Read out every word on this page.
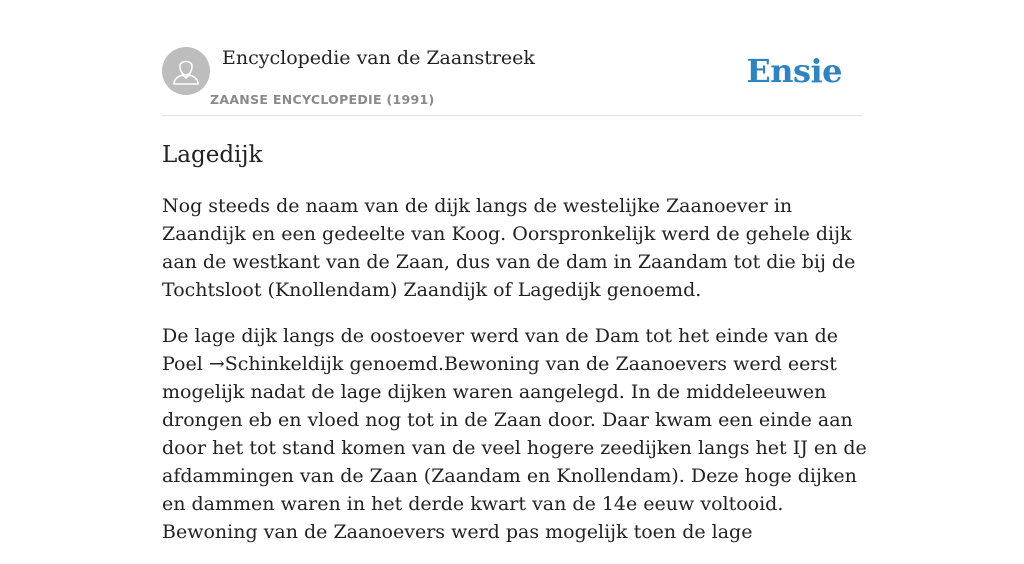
Encyclopedie van de Zaanstreek
ZAANSE ENCYCLOPEDIE (1991)
Ensie
Lagedijk

Nog steeds de naam van de dijk langs de westelijke Zaanoever in Zaandijk en een gedeelte van Koog. Oorspronkelijk werd de gehele dijk aan de westkant van de Zaan, dus van de dam in Zaandam tot die bij de Tochtsloot (Knollendam) Zaandijk of Lagedijk genoemd.

De lage dijk langs de oostoever werd van de Dam tot het einde van de Poel →Schinkeldijk genoemd.Bewoning van de Zaanoevers werd eerst mogelijk nadat de lage dijken waren aangelegd. In de middeleeuwen drongen eb en vloed nog tot in de Zaan door. Daar kwam een einde aan door het tot stand komen van de veel hogere zeedijken langs het IJ en de afdammingen van de Zaan (Zaandam en Knollendam). Deze hoge dijken en dammen waren in het derde kwart van de 14e eeuw voltooid. Bewoning van de Zaanoevers werd pas mogelijk toen de lage
